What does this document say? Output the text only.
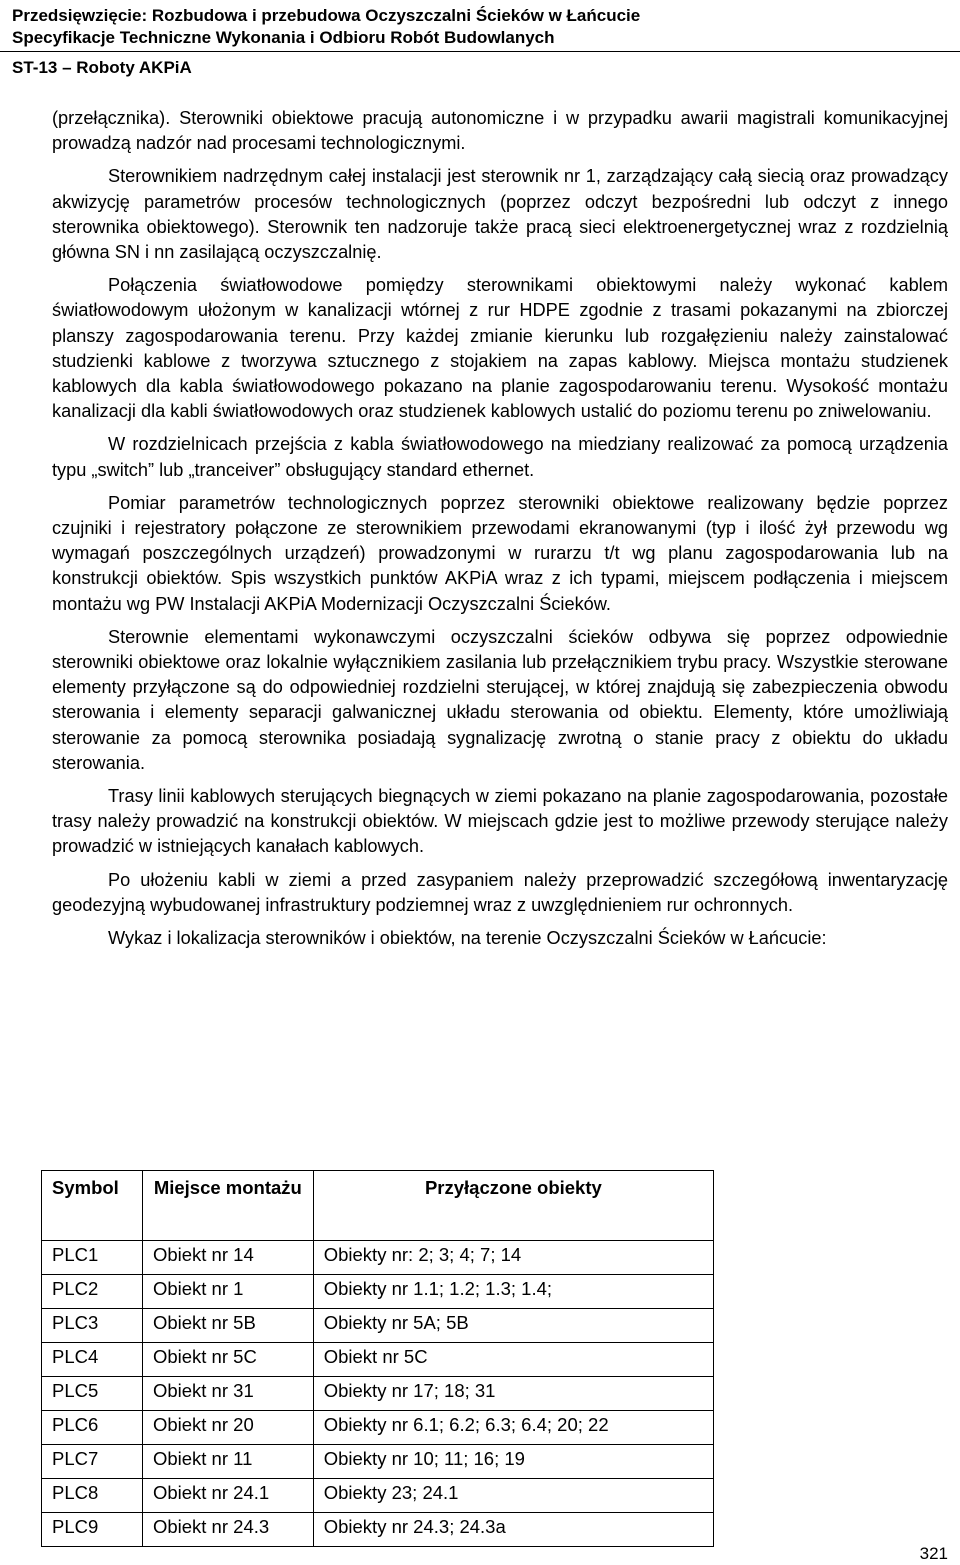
Przedsięwzięcie: Rozbudowa i przebudowa Oczyszczalni Ścieków w Łańcucie
Specyfikacje Techniczne Wykonania i Odbioru Robót Budowlanych
ST-13 – Roboty AKPiA

(przełącznika). Sterowniki obiektowe pracują autonomiczne i w przypadku awarii magistrali komunikacyjnej prowadzą nadzór nad procesami technologicznymi.

Sterownikiem nadrzędnym całej instalacji jest sterownik nr 1, zarządzający całą siecią oraz prowadzący akwizycję parametrów procesów technologicznych (poprzez odczyt bezpośredni lub odczyt z innego sterownika obiektowego). Sterownik ten nadzoruje także pracą sieci elektroenergetycznej wraz z rozdzielnią główna SN i nn zasilającą oczyszczalnię.

Połączenia światłowodowe pomiędzy sterownikami obiektowymi należy wykonać kablem światłowodowym ułożonym w kanalizacji wtórnej z rur HDPE zgodnie z trasami pokazanymi na zbiorczej planszy zagospodarowania terenu. Przy każdej zmianie kierunku lub rozgałęzieniu należy zainstalować studzienki kablowe z tworzywa sztucznego z stojakiem na zapas kablowy. Miejsca montażu studzienek kablowych dla kabla światłowodowego pokazano na planie zagospodarowaniu terenu. Wysokość montażu kanalizacji dla kabli światłowodowych oraz studzienek kablowych ustalić do poziomu terenu po zniwelowaniu.

W rozdzielnicach przejścia z kabla światłowodowego na miedziany realizować za pomocą urządzenia typu „switch” lub „tranceiver” obsługujący standard ethernet.

Pomiar parametrów technologicznych poprzez sterowniki obiektowe realizowany będzie poprzez czujniki i rejestratory połączone ze sterownikiem przewodami ekranowanymi (typ i ilość żył przewodu wg wymagań poszczególnych urządzeń) prowadzonymi w rurarzu t/t wg planu zagospodarowania lub na konstrukcji obiektów. Spis wszystkich punktów AKPiA wraz z ich typami, miejscem podłączenia i miejscem montażu wg PW Instalacji AKPiA Modernizacji Oczyszczalni Ścieków.

Sterownie elementami wykonawczymi oczyszczalni ścieków odbywa się poprzez odpowiednie sterowniki obiektowe oraz lokalnie wyłącznikiem zasilania lub przełącznikiem trybu pracy. Wszystkie sterowane elementy przyłączone są do odpowiedniej rozdzielni sterującej, w której znajdują się zabezpieczenia obwodu sterowania i elementy separacji galwanicznej układu sterowania od obiektu. Elementy, które umożliwiają sterowanie za pomocą sterownika posiadają sygnalizację zwrotną o stanie pracy z obiektu do układu sterowania.

Trasy linii kablowych sterujących biegnących w ziemi pokazano na planie zagospodarowania, pozostałe trasy należy prowadzić na konstrukcji obiektów. W miejscach gdzie jest to możliwe przewody sterujące należy prowadzić w istniejących kanałach kablowych.

Po ułożeniu kabli w ziemi a przed zasypaniem należy przeprowadzić szczegółową inwentaryzację geodezyjną wybudowanej infrastruktury podziemnej wraz z uwzględnieniem rur ochronnych.

Wykaz i lokalizacja sterowników i obiektów, na terenie Oczyszczalni Ścieków w Łańcucie:

Symbol	Miejsce montażu	Przyłączone obiekty
PLC1	Obiekt nr 14	Obiekty nr: 2; 3; 4; 7; 14
PLC2	Obiekt nr 1	Obiekty nr 1.1; 1.2; 1.3; 1.4;
PLC3	Obiekt nr 5B	Obiekty nr 5A; 5B
PLC4	Obiekt nr 5C	Obiekt nr 5C
PLC5	Obiekt nr 31	Obiekty nr 17; 18; 31
PLC6	Obiekt nr 20	Obiekty nr 6.1; 6.2; 6.3; 6.4; 20; 22
PLC7	Obiekt nr 11	Obiekty nr 10; 11; 16; 19
PLC8	Obiekt nr 24.1	Obiekty 23; 24.1
PLC9	Obiekt nr 24.3	Obiekty nr 24.3; 24.3a
321
